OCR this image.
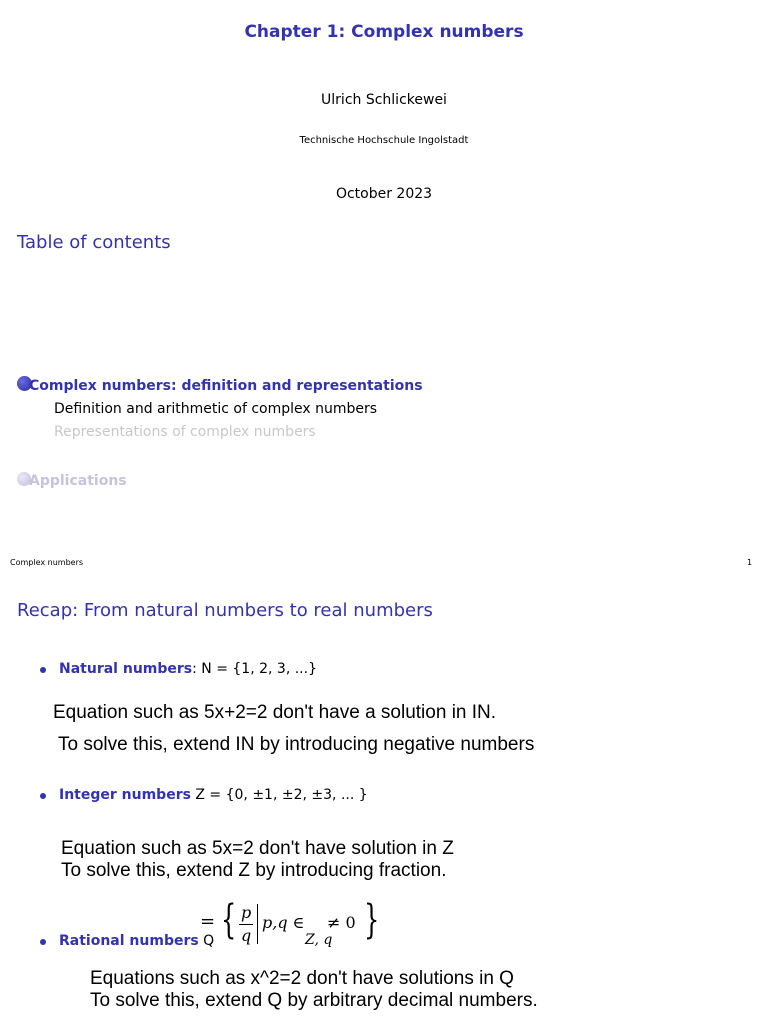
Chapter 1: Complex numbers
Ulrich Schlickewei
Technische Hochschule Ingolstadt
October 2023
Table of contents
Complex numbers: definition and representations
Definition and arithmetic of complex numbers
Representations of complex numbers
Applications
Complex numbers	1
Recap: From natural numbers to real numbers
Natural numbers: N = {1, 2, 3, ...}
Equation such as 5x+2=2 don't have a solution in IN.
To solve this, extend IN by introducing negative numbers
Integer numbers Z = {0, ±1, ±2, ±3, ... }
Equation such as 5x=2 don't have solution in Z
To solve this, extend Z by introducing fraction.
Rational numbers Q
= { p
q
p,q ∈ ≠ 0
Z, q }
Equations such as x^2=2 don't have solutions in Q
To solve this, extend Q by arbitrary decimal numbers.
